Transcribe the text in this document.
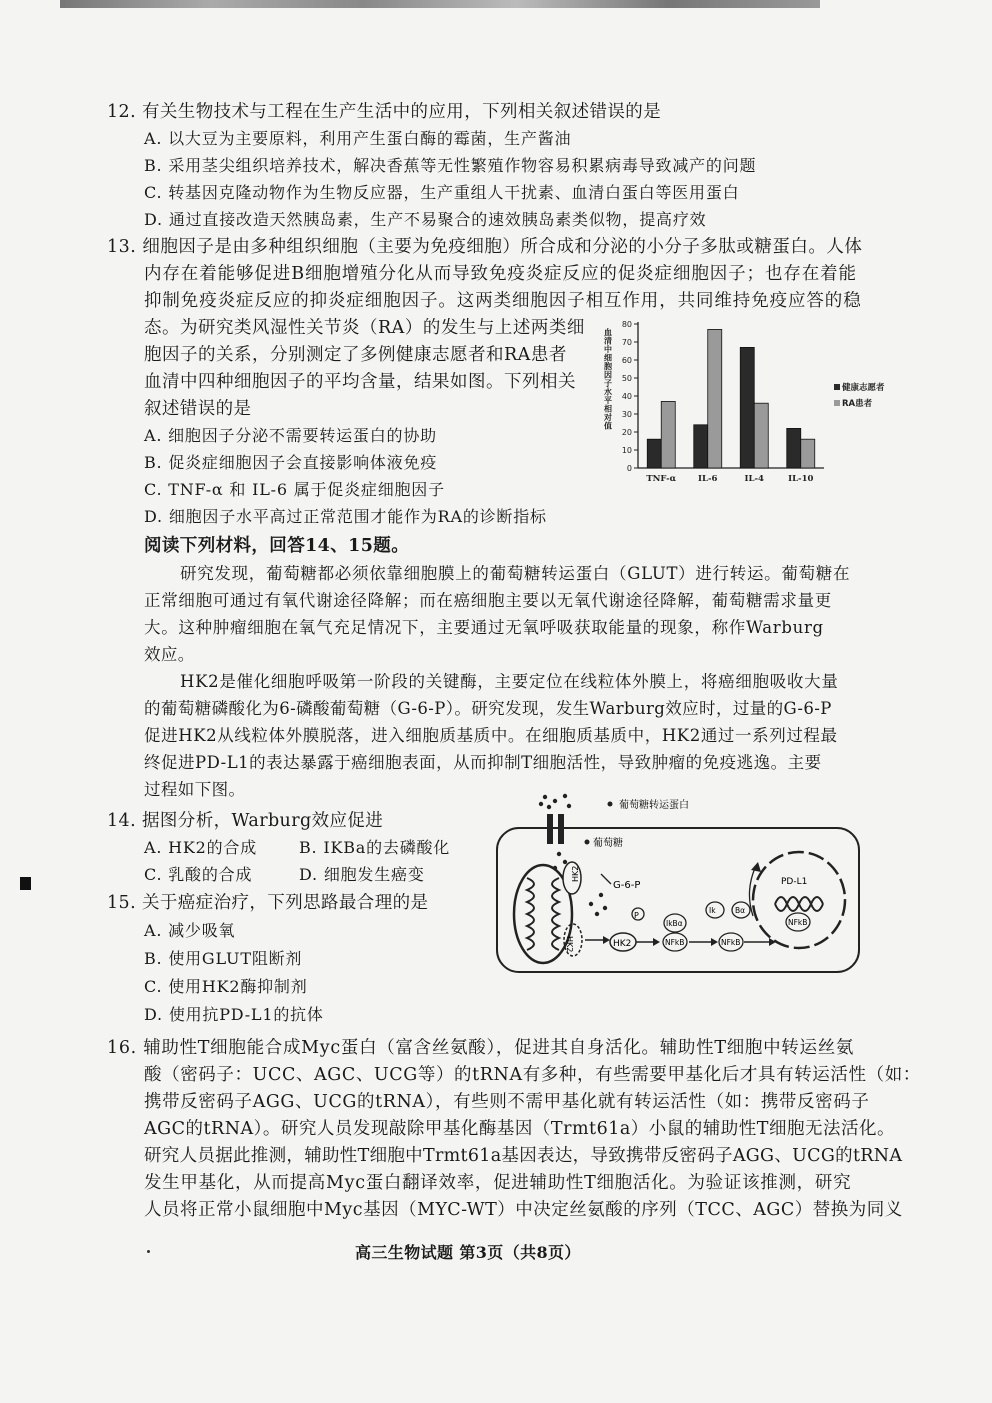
12. 有关生物技术与工程在生产生活中的应用，下列相关叙述错误的是
A. 以大豆为主要原料，利用产生蛋白酶的霉菌，生产酱油
B. 采用茎尖组织培养技术，解决香蕉等无性繁殖作物容易积累病毒导致减产的问题
C. 转基因克隆动物作为生物反应器，生产重组人干扰素、血清白蛋白等医用蛋白
D. 通过直接改造天然胰岛素，生产不易聚合的速效胰岛素类似物，提高疗效
13. 细胞因子是由多种组织细胞（主要为免疫细胞）所合成和分泌的小分子多肽或糖蛋白。人体
内存在着能够促进B细胞增殖分化从而导致免疫炎症反应的促炎症细胞因子；也存在着能
抑制免疫炎症反应的抑炎症细胞因子。这两类细胞因子相互作用，共同维持免疫应答的稳
态。为研究类风湿性关节炎（RA）的发生与上述两类细
胞因子的关系，分别测定了多例健康志愿者和RA患者
血清中四种细胞因子的平均含量，结果如图。下列相关
叙述错误的是
A. 细胞因子分泌不需要转运蛋白的协助
B. 促炎症细胞因子会直接影响体液免疫
C. TNF-α 和 IL-6 属于促炎症细胞因子
D. 细胞因子水平高过正常范围才能作为RA的诊断指标
0
10
20
30
40
50
60
70
80
血清中细胞因子水平相对值
TNF-α	IL-6	IL-4	IL-10
健康志愿者
RA患者
阅读下列材料，回答14、15题。
研究发现，葡萄糖都必须依靠细胞膜上的葡萄糖转运蛋白（GLUT）进行转运。葡萄糖在
正常细胞可通过有氧代谢途径降解；而在癌细胞主要以无氧代谢途径降解，葡萄糖需求量更
大。这种肿瘤细胞在氧气充足情况下，主要通过无氧呼吸获取能量的现象，称作Warburg
效应。
HK2是催化细胞呼吸第一阶段的关键酶，主要定位在线粒体外膜上，将癌细胞吸收大量
的葡萄糖磷酸化为6-磷酸葡萄糖（G-6-P）。研究发现，发生Warburg效应时，过量的G-6-P
促进HK2从线粒体外膜脱落，进入细胞质基质中。在细胞质基质中，HK2通过一系列过程最
终促进PD-L1的表达暴露于癌细胞表面，从而抑制T细胞活性，导致肿瘤的免疫逃逸。主要
过程如下图。
14. 据图分析，Warburg效应促进
A. HK2的合成	B. IKBa的去磷酸化
C. 乳酸的合成	D. 细胞发生癌变
15. 关于癌症治疗，下列思路最合理的是
A. 减少吸氧
B. 使用GLUT阻断剂
C. 使用HK2酶抑制剂
D. 使用抗PD-L1的抗体
葡萄糖转运蛋白
葡萄糖
HK2
G-6-P
HK2	HK2
P
IkBα
NFkB
Ik	Bα
NFkB
PD-L1
NFkB
16. 辅助性T细胞能合成Myc蛋白（富含丝氨酸），促进其自身活化。辅助性T细胞中转运丝氨
酸（密码子：UCC、AGC、UCG等）的tRNA有多种，有些需要甲基化后才具有转运活性（如：
携带反密码子AGG、UCG的tRNA），有些则不需甲基化就有转运活性（如：携带反密码子
AGC的tRNA）。研究人员发现敲除甲基化酶基因（Trmt61a）小鼠的辅助性T细胞无法活化。
研究人员据此推测，辅助性T细胞中Trmt61a基因表达，导致携带反密码子AGG、UCG的tRNA
发生甲基化，从而提高Myc蛋白翻译效率，促进辅助性T细胞活化。为验证该推测，研究
人员将正常小鼠细胞中Myc基因（MYC-WT）中决定丝氨酸的序列（TCC、AGC）替换为同义
高三生物试题 第3页（共8页）
